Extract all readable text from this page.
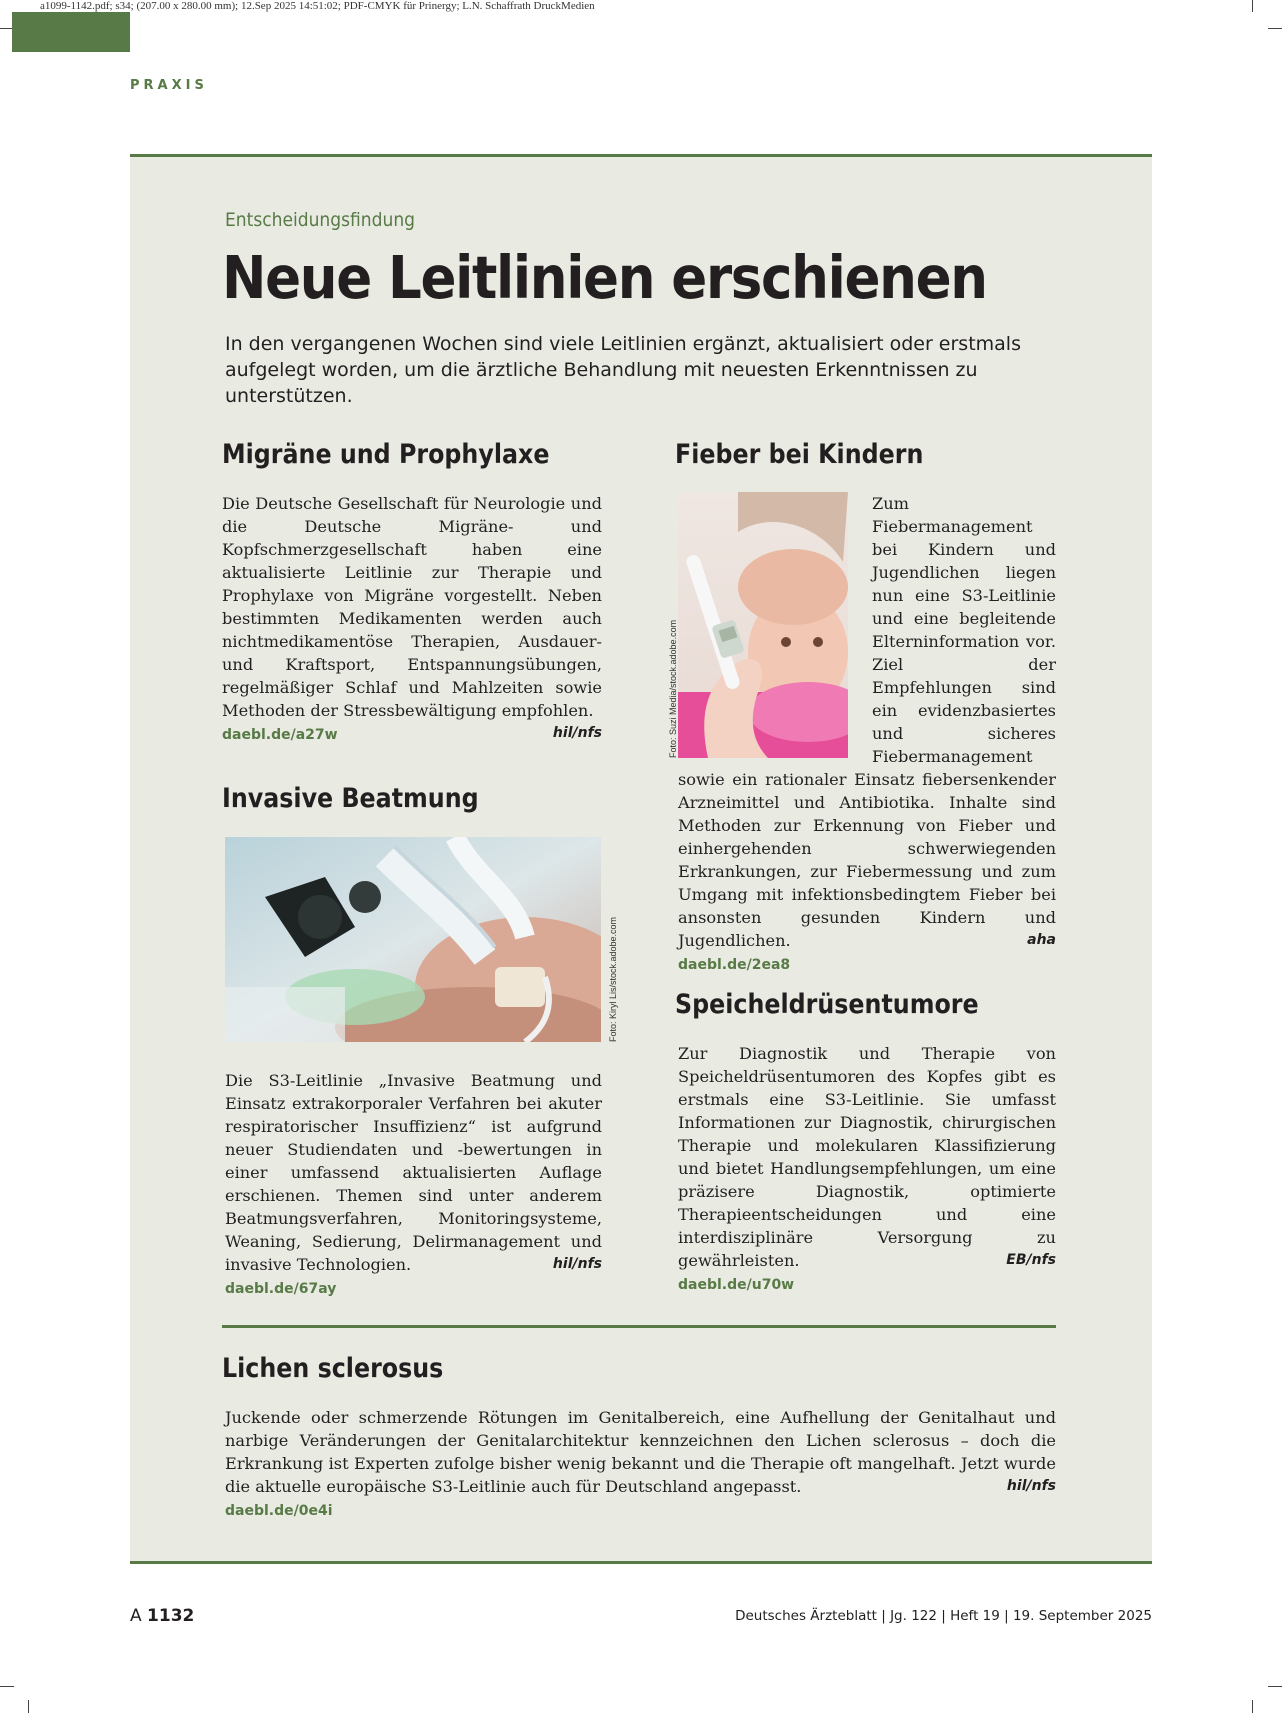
a1099-1142.pdf; s34; (207.00 x 280.00 mm); 12.Sep 2025 14:51:02; PDF-CMYK für Prinergy; L.N. Schaffrath DruckMedien
PRAXIS
Entscheidungsfindung
Neue Leitlinien erschienen

In den vergangenen Wochen sind viele Leitlinien ergänzt, aktualisiert oder erstmals aufgelegt worden, um die ärztliche Behandlung mit neuesten Erkenntnissen zu unterstützen.

Migräne und Prophylaxe
Die Deutsche Gesellschaft für Neurologie und die Deutsche Migräne- und Kopfschmerzgesellschaft haben eine aktualisierte Leitlinie zur Therapie und Prophylaxe von Migräne vorgestellt. Neben bestimmten Medikamenten werden auch nichtmedikamentöse Therapien, Ausdauer- und Kraftsport, Entspannungsübungen, regelmäßiger Schlaf und Mahlzeiten sowie Methoden der Stressbewältigung empfohlen.
hil/nfs
daebl.de/a27w
Invasive Beatmung
Foto: Kiryl Lis/stock.adobe.com
Die S3-Leitlinie „Invasive Beatmung und Einsatz extrakorporaler Verfahren bei akuter respiratorischer Insuffizienz“ ist aufgrund neuer Studiendaten und -bewertungen in einer umfassend aktualisierten Auflage erschienen. Themen sind unter anderem Beatmungsverfahren, Monitoringsysteme, Weaning, Sedierung, Delirmanagement und invasive Technologien.	hil/nfs
daebl.de/67ay
Fieber bei Kindern
Foto: Suzi Media/stock.adobe.com
Zum Fiebermanagement bei Kindern und Jugendlichen liegen nun eine S3-Leitlinie und eine begleitende Elterninformation vor. Ziel der Empfehlungen sind ein evidenzbasiertes und sicheres Fiebermanagement sowie ein rationaler Einsatz fiebersenkender Arzneimittel und Antibiotika. Inhalte sind Methoden zur Erkennung von Fieber und einhergehenden schwerwiegenden Erkrankungen, zur Fiebermessung und zum Umgang mit infektionsbedingtem Fieber bei ansonsten gesunden Kindern und Jugendlichen.	aha
daebl.de/2ea8
Speicheldrüsentumore
Zur Diagnostik und Therapie von Speicheldrüsentumoren des Kopfes gibt es erstmals eine S3-Leitlinie. Sie umfasst Informationen zur Diagnostik, chirurgischen Therapie und molekularen Klassifizierung und bietet Handlungsempfehlungen, um eine präzisere Diagnostik, optimierte Therapieentscheidungen und eine interdisziplinäre Versorgung zu gewährleisten.	EB/nfs
daebl.de/u70w
Lichen sclerosus
Juckende oder schmerzende Rötungen im Genitalbereich, eine Aufhellung der Genitalhaut und narbige Veränderungen der Genitalarchitektur kennzeichnen den Lichen sclerosus – doch die Erkrankung ist Experten zufolge bisher wenig bekannt und die Therapie oft mangelhaft. Jetzt wurde die aktuelle europäische S3-Leitlinie auch für Deutschland angepasst.	hil/nfs
daebl.de/0e4i
A 1132	Deutsches Ärzteblatt | Jg. 122 | Heft 19 | 19. September 2025
